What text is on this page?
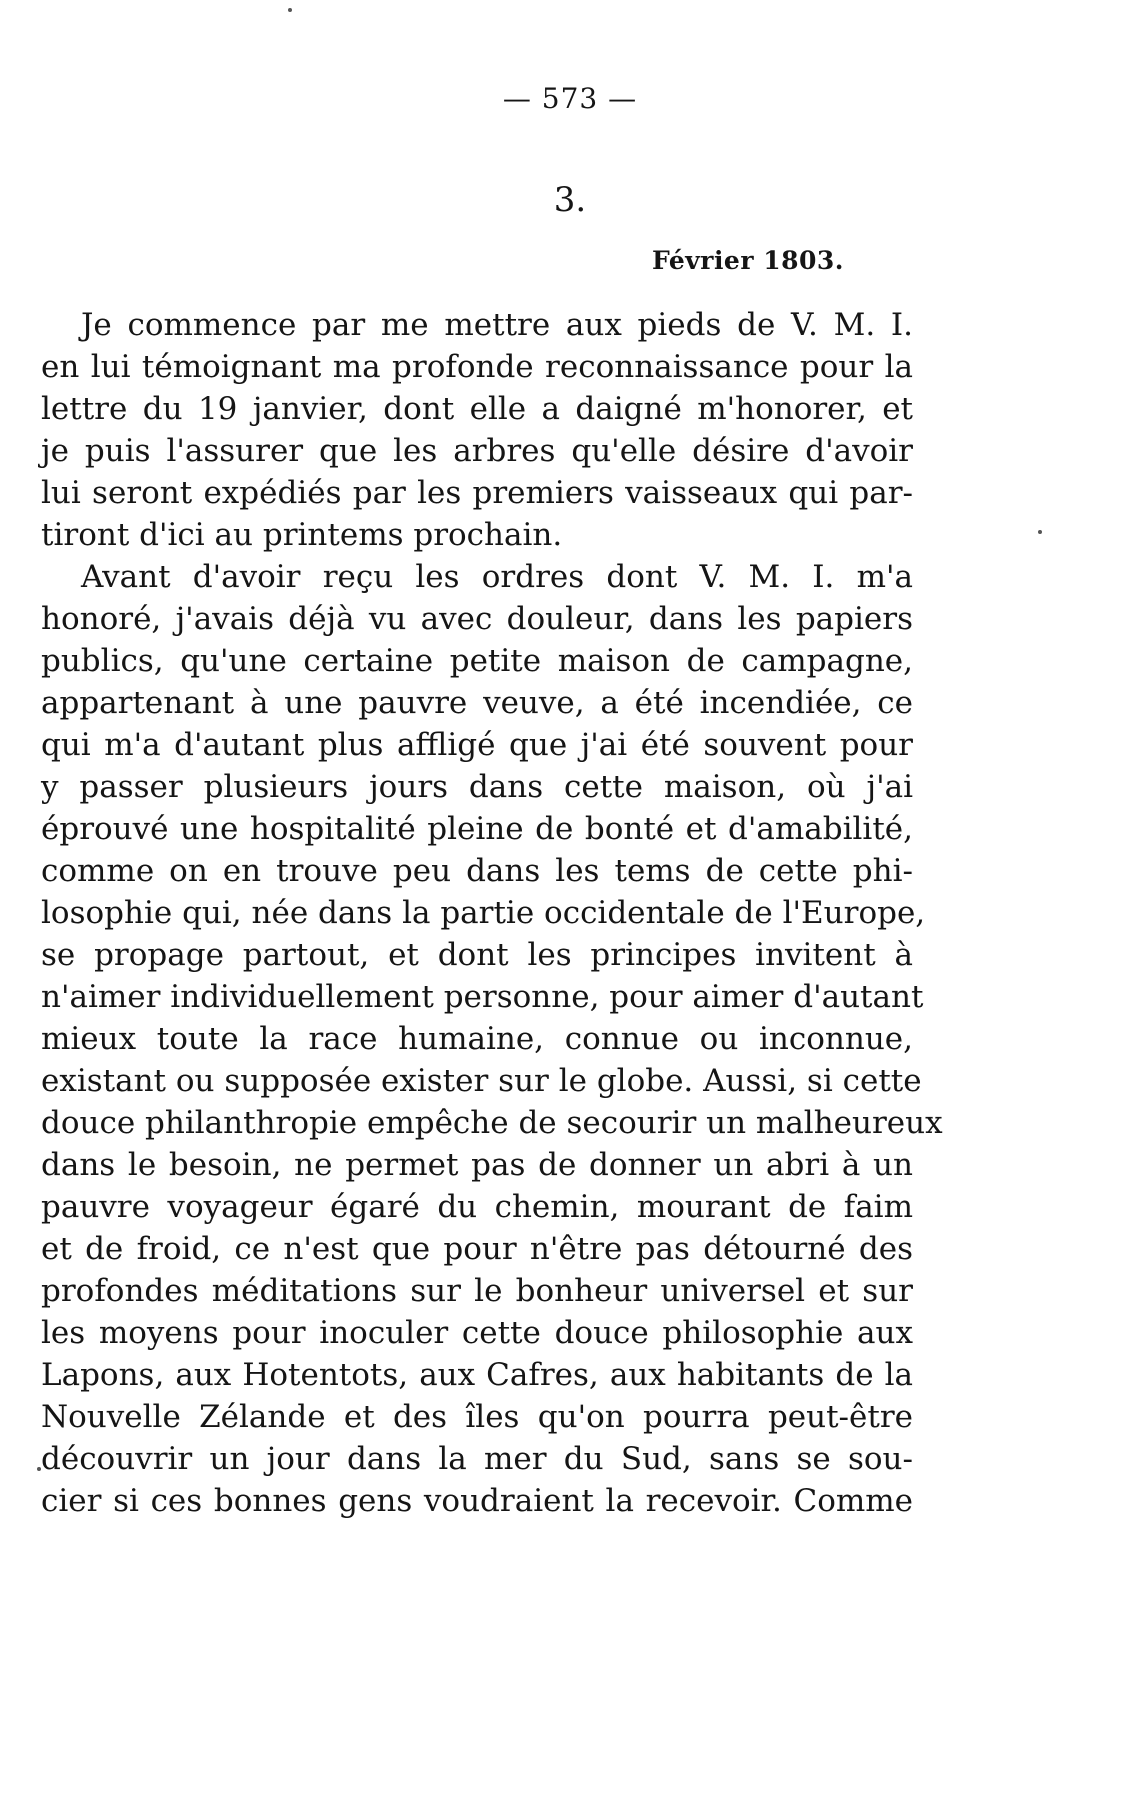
— 573 —
3.
Février 1803.
Je commence par me mettre aux pieds de V. M. I.
en lui témoignant ma profonde reconnaissance pour la
lettre du 19 janvier, dont elle a daigné m'honorer, et
je puis l'assurer que les arbres qu'elle désire d'avoir
lui seront expédiés par les premiers vaisseaux qui par-
tiront d'ici au printems prochain.
Avant d'avoir reçu les ordres dont V. M. I. m'a
honoré, j'avais déjà vu avec douleur, dans les papiers
publics, qu'une certaine petite maison de campagne,
appartenant à une pauvre veuve, a été incendiée, ce
qui m'a d'autant plus affligé que j'ai été souvent pour
y passer plusieurs jours dans cette maison, où j'ai
éprouvé une hospitalité pleine de bonté et d'amabilité,
comme on en trouve peu dans les tems de cette phi-
losophie qui, née dans la partie occidentale de l'Europe,
se propage partout, et dont les principes invitent à
n'aimer individuellement personne, pour aimer d'autant
mieux toute la race humaine, connue ou inconnue,
existant ou supposée exister sur le globe. Aussi, si cette
douce philanthropie empêche de secourir un malheureux
dans le besoin, ne permet pas de donner un abri à un
pauvre voyageur égaré du chemin, mourant de faim
et de froid, ce n'est que pour n'être pas détourné des
profondes méditations sur le bonheur universel et sur
les moyens pour inoculer cette douce philosophie aux
Lapons, aux Hotentots, aux Cafres, aux habitants de la
Nouvelle Zélande et des îles qu'on pourra peut-être
découvrir un jour dans la mer du Sud, sans se sou-
cier si ces bonnes gens voudraient la recevoir. Comme
